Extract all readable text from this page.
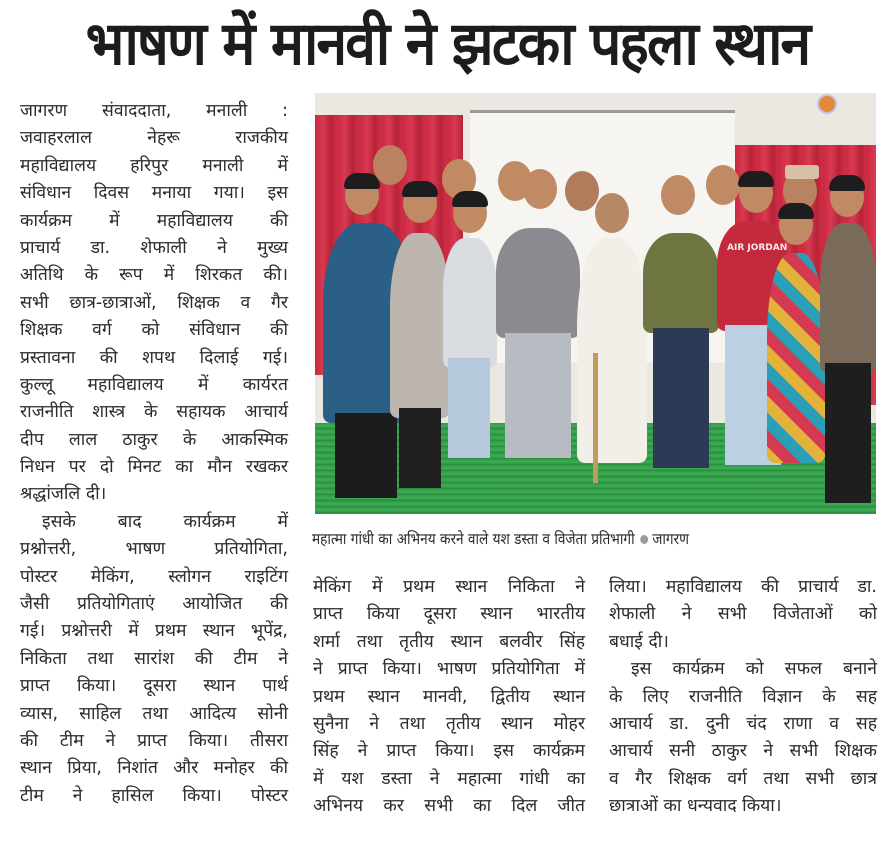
भाषण में मानवी ने झटका पहला स्थान
जागरण संवाददाता, मनाली :
जवाहरलाल नेहरू राजकीय
महाविद्यालय हरिपुर मनाली में
संविधान दिवस मनाया गया। इस
कार्यक्रम में महाविद्यालय की
प्राचार्य डा. शेफाली ने मुख्य
अतिथि के रूप में शिरकत की।
सभी छात्र-छात्राओं, शिक्षक व गैर
शिक्षक वर्ग को संविधान की
प्रस्तावना की शपथ दिलाई गई।
कुल्लू महाविद्यालय में कार्यरत
राजनीति शास्त्र के सहायक आचार्य
दीप लाल ठाकुर के आकस्मिक
निधन पर दो मिनट का मौन रखकर
श्रद्धांजलि दी।
इसके बाद कार्यक्रम में
प्रश्नोत्तरी, भाषण प्रतियोगिता,
पोस्टर मेकिंग, स्लोगन राइटिंग
जैसी प्रतियोगिताएं आयोजित की
गई। प्रश्नोत्तरी में प्रथम स्थान भूपेंद्र,
निकिता तथा सारांश की टीम ने
प्राप्त किया। दूसरा स्थान पार्थ
व्यास, साहिल तथा आदित्य सोनी
की टीम ने प्राप्त किया। तीसरा
स्थान प्रिया, निशांत और मनोहर की
टीम ने हासिल किया। पोस्टर
AIR JORDAN
महात्मा गांधी का अभिनय करने वाले यश डस्ता व विजेता प्रतिभागी जागरण
मेकिंग में प्रथम स्थान निकिता ने
प्राप्त किया दूसरा स्थान भारतीय
शर्मा तथा तृतीय स्थान बलवीर सिंह
ने प्राप्त किया। भाषण प्रतियोगिता में
प्रथम स्थान मानवी, द्वितीय स्थान
सुनैना ने तथा तृतीय स्थान मोहर
सिंह ने प्राप्त किया। इस कार्यक्रम
में यश डस्ता ने महात्मा गांधी का
अभिनय कर सभी का दिल जीत
लिया। महाविद्यालय की प्राचार्य डा.
शेफाली ने सभी विजेताओं को
बधाई दी।
इस कार्यक्रम को सफल बनाने
के लिए राजनीति विज्ञान के सह
आचार्य डा. दुनी चंद राणा व सह
आचार्य सनी ठाकुर ने सभी शिक्षक
व गैर शिक्षक वर्ग तथा सभी छात्र
छात्राओं का धन्यवाद किया।
